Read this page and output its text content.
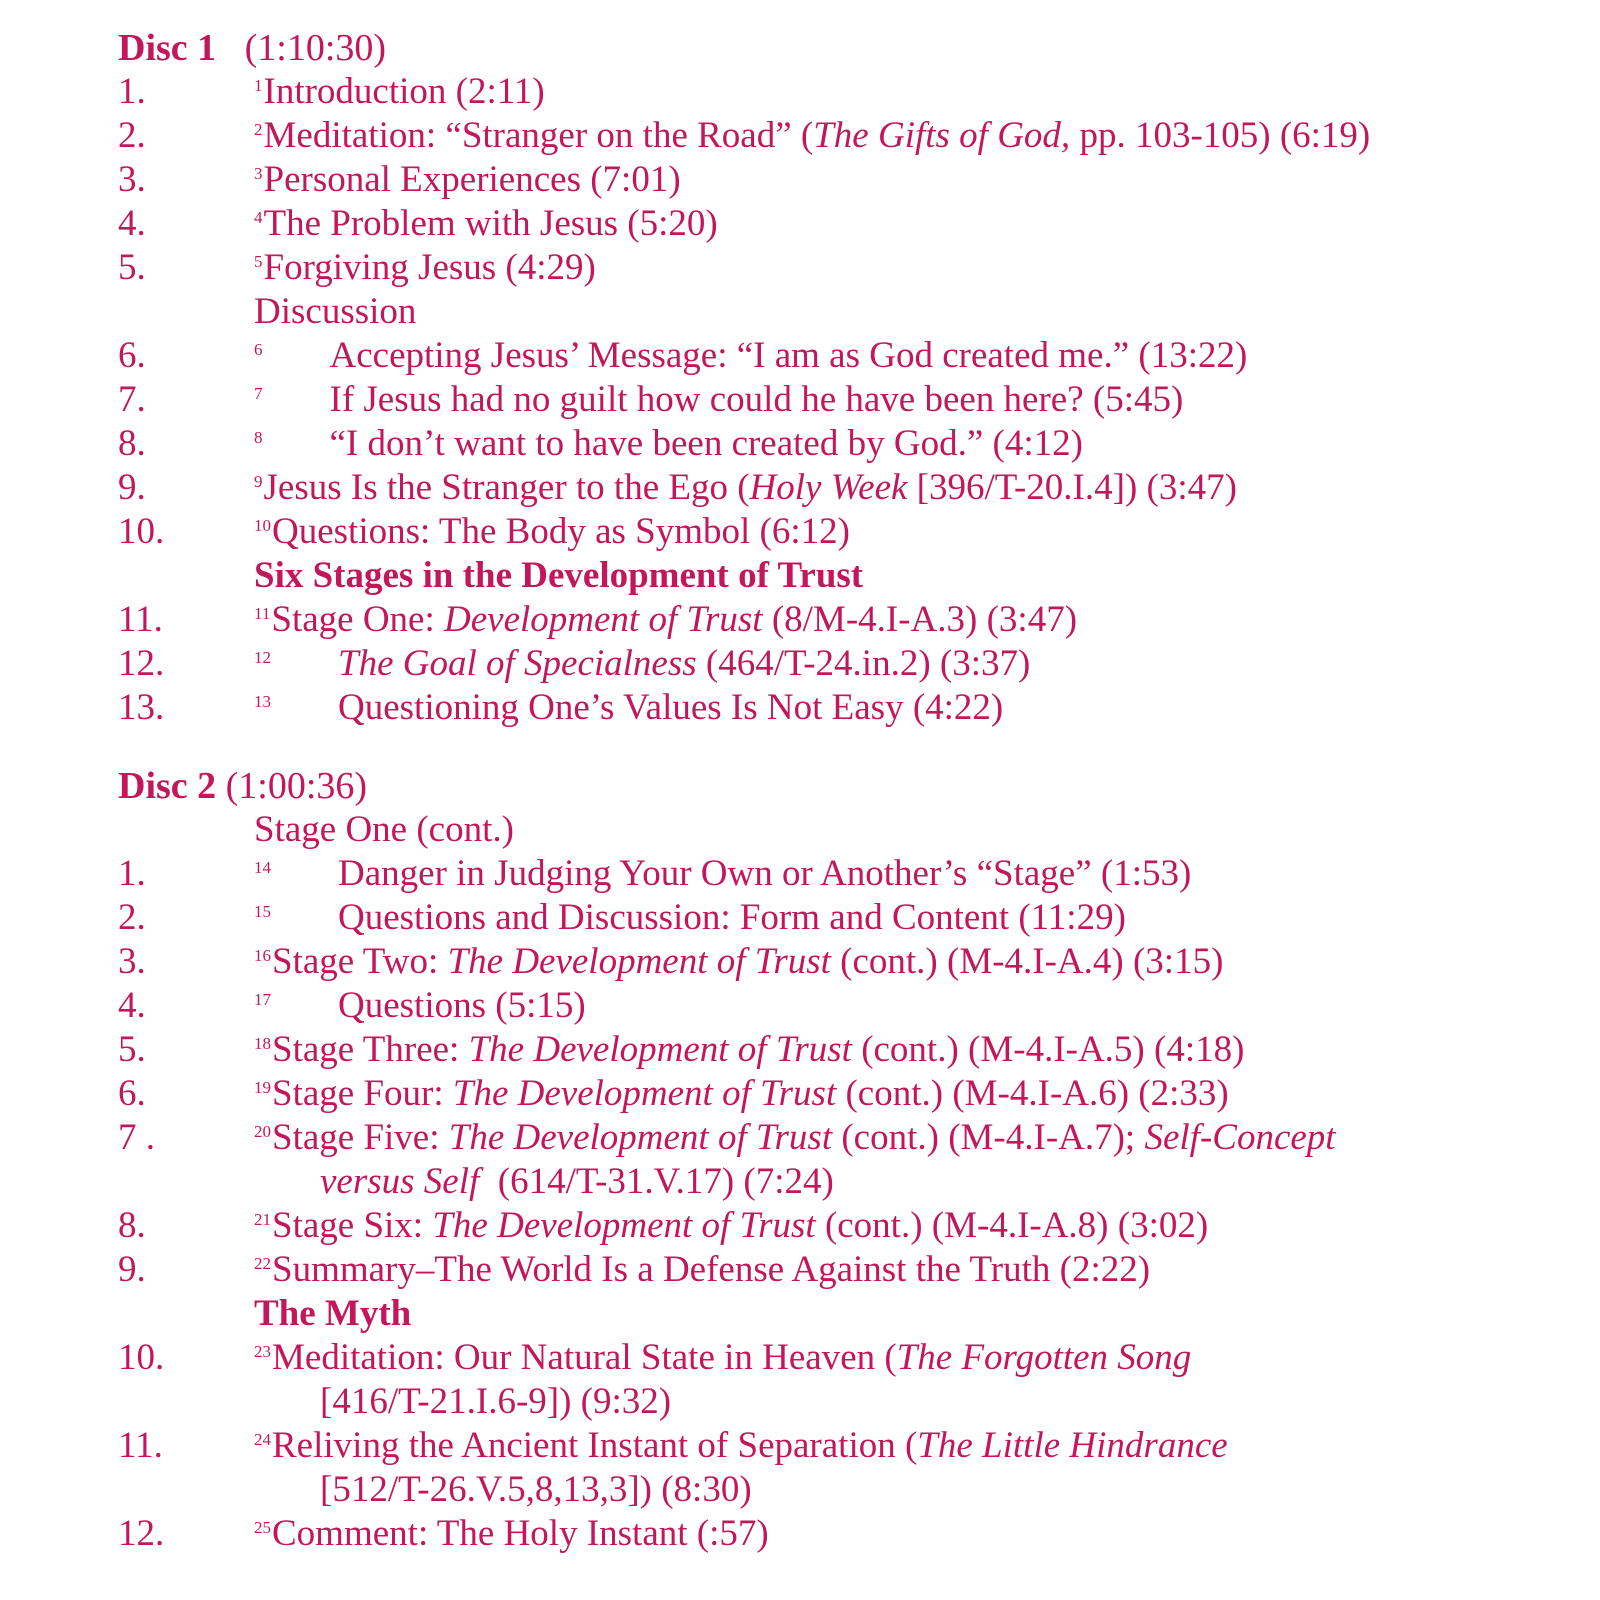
Disc 1 (1:10:30)
1.	$^1$Introduction (2:11)
2.	$^2$Meditation: “Stranger on the Road” (The Gifts of God, pp. 103-105) (6:19)
3.	$^3$Personal Experiences (7:01)
4.	$^4$The Problem with Jesus (5:20)
5.	$^5$Forgiving Jesus (4:29)
Discussion
6.	$^6$ Accepting Jesus’ Message: “I am as God created me.” (13:22)
7.	$^7$ If Jesus had no guilt how could he have been here? (5:45)
8.	$^8$ “I don’t want to have been created by God.” (4:12)
9.	$^9$Jesus Is the Stranger to the Ego (Holy Week [396/T-20.I.4]) (3:47)
10.	$^{10}$Questions: The Body as Symbol (6:12)
Six Stages in the Development of Trust
11.	$^{11}$Stage One: Development of Trust (8/M-4.I-A.3) (3:47)
12.	$^{12}$ The Goal of Specialness (464/T-24.in.2) (3:37)
13.	$^{13}$ Questioning One’s Values Is Not Easy (4:22)
Disc 2 (1:00:36)
Stage One (cont.)
1.	$^{14}$ Danger in Judging Your Own or Another’s “Stage” (1:53)
2.	$^{15}$ Questions and Discussion: Form and Content (11:29)
3.	$^{16}$Stage Two: The Development of Trust (cont.) (M-4.I-A.4) (3:15)
4.	$^{17}$ Questions (5:15)
5.	$^{18}$Stage Three: The Development of Trust (cont.) (M-4.I-A.5) (4:18)
6.	$^{19}$Stage Four: The Development of Trust (cont.) (M-4.I-A.6) (2:33)
7 .	$^{20}$Stage Five: The Development of Trust (cont.) (M-4.I-A.7); Self-Concept
versus Self  (614/T-31.V.17) (7:24)
8.	$^{21}$Stage Six: The Development of Trust (cont.) (M-4.I-A.8) (3:02)
9.	$^{22}$Summary–The World Is a Defense Against the Truth (2:22)
The Myth
10.	$^{23}$Meditation: Our Natural State in Heaven (The Forgotten Song
[416/T-21.I.6-9]) (9:32)
11.	$^{24}$Reliving the Ancient Instant of Separation (The Little Hindrance
[512/T-26.V.5,8,13,3]) (8:30)
12.	$^{25}$Comment: The Holy Instant (:57)
